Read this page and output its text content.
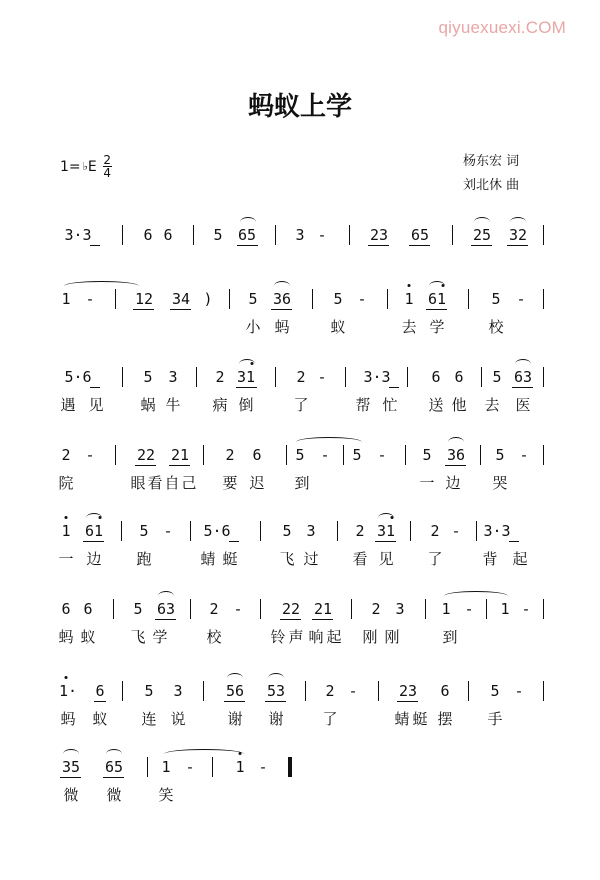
qiyuexuexi.COM
蚂蚁上学
1= ♭ E $\frac{2}{4}$	杨东宏 词
刘北休 曲
3·3	6 6	5 65	3 -	23 65	25 32
1 -	12 34 ) 5 36	5 -	1 61	5 -
小 蚂	蚁	去 学	校
5·6	5 3	2 31	2 - 3·3	6 6 5 63
遇 见 蜗 牛 病 倒	了	帮 忙 送 他 去 医
2 -	22 21 2 6 5 - 5 - 5 36 5 -
院	眼 看 自 己 要 迟 到	一 边 哭
1 61 5 - 5·6	5 3	2 31 2 - 3·3
一 边 跑	蜻 蜓	飞 过 看 见 了	背 起
6 6	5 63 2 -	22 21	2 3 1 - 1 -
蚂 蚁 飞 学	校	铃 声 响 起 刚 刚	到
1· 6	5 3	56 53	2 -	23 6	5 -
蚂 蚁 连 说	谢 谢	了	蜻 蜓 摆 手
35 65	1 -	1 -
微 微 笑
